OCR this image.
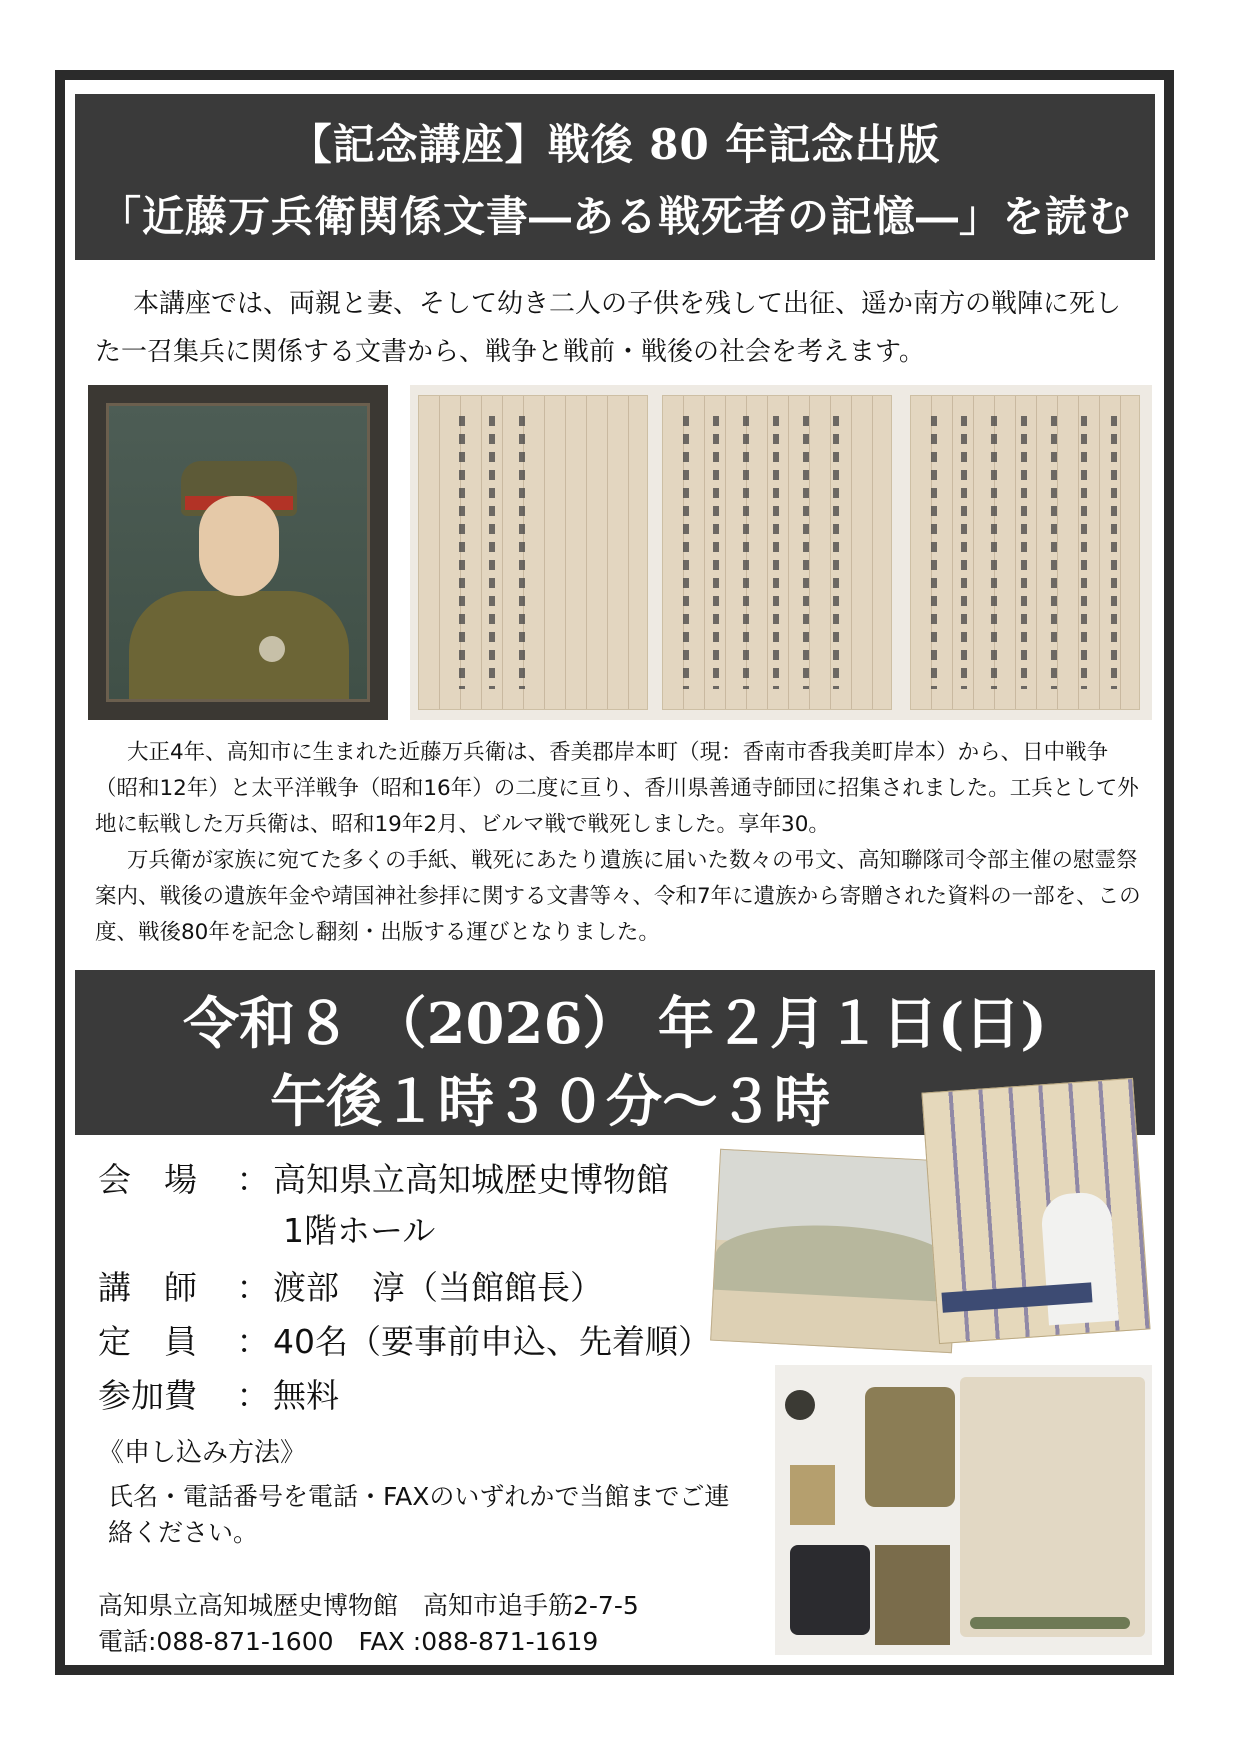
【記念講座】戦後 80 年記念出版
「近藤万兵衛関係文書―ある戦死者の記憶―」を読む

本講座では、両親と妻、そして幼き二人の子供を残して出征、遥か南方の戦陣に死した一召集兵に関係する文書から、戦争と戦前・戦後の社会を考えます。

大正4年、高知市に生まれた近藤万兵衛は、香美郡岸本町（現：香南市香我美町岸本）から、日中戦争（昭和12年）と太平洋戦争（昭和16年）の二度に亘り、香川県善通寺師団に招集されました。工兵として外地に転戦した万兵衛は、昭和19年2月、ビルマ戦で戦死しました。享年30。

万兵衛が家族に宛てた多くの手紙、戦死にあたり遺族に届いた数々の弔文、高知聯隊司令部主催の慰霊祭案内、戦後の遺族年金や靖国神社参拝に関する文書等々、令和7年に遺族から寄贈された資料の一部を、この度、戦後80年を記念し翻刻・出版する運びとなりました。

令和８ （2026） 年２月１日(日)
午後１時３０分～３時
会　場	： 高知県立高知城歴史博物館
1階ホール
講　師	： 渡部　淳（当館館長）
定　員	： 40名（要事前申込、先着順）
参加費	： 無料
《申し込み方法》
氏名・電話番号を電話・FAXのいずれかで当館までご連絡ください。
高知県立高知城歴史博物館　高知市追手筋2-7-5
電話:088-871-1600　FAX :088-871-1619
